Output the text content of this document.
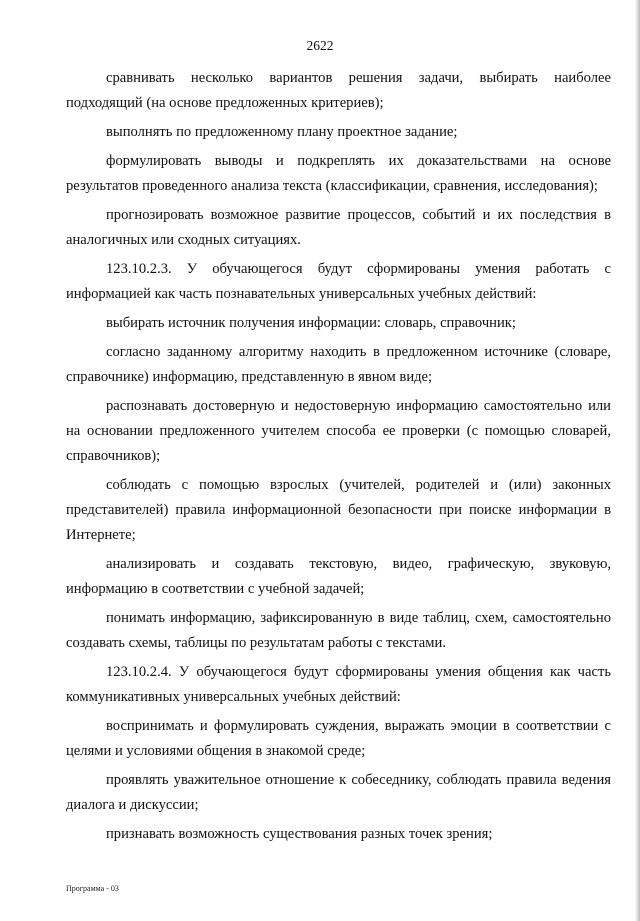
2622

сравнивать несколько вариантов решения задачи, выбирать наиболее подходящий (на основе предложенных критериев);

выполнять по предложенному плану проектное задание;

формулировать выводы и подкреплять их доказательствами на основе результатов проведенного анализа текста (классификации, сравнения, исследования);

прогнозировать возможное развитие процессов, событий и их последствия в аналогичных или сходных ситуациях.

123.10.2.3. У обучающегося будут сформированы умения работать с информацией как часть познавательных универсальных учебных действий:

выбирать источник получения информации: словарь, справочник;

согласно заданному алгоритму находить в предложенном источнике (словаре, справочнике) информацию, представленную в явном виде;

распознавать достоверную и недостоверную информацию самостоятельно или на основании предложенного учителем способа ее проверки (с помощью словарей, справочников);

соблюдать с помощью взрослых (учителей, родителей и (или) законных представителей) правила информационной безопасности при поиске информации в Интернете;

анализировать и создавать текстовую, видео, графическую, звуковую, информацию в соответствии с учебной задачей;

понимать информацию, зафиксированную в виде таблиц, схем, самостоятельно создавать схемы, таблицы по результатам работы с текстами.

123.10.2.4. У обучающегося будут сформированы умения общения как часть коммуникативных универсальных учебных действий:

воспринимать и формулировать суждения, выражать эмоции в соответствии с целями и условиями общения в знакомой среде;

проявлять уважительное отношение к собеседнику, соблюдать правила ведения диалога и дискуссии;

признавать возможность существования разных точек зрения;

Программа - 03
